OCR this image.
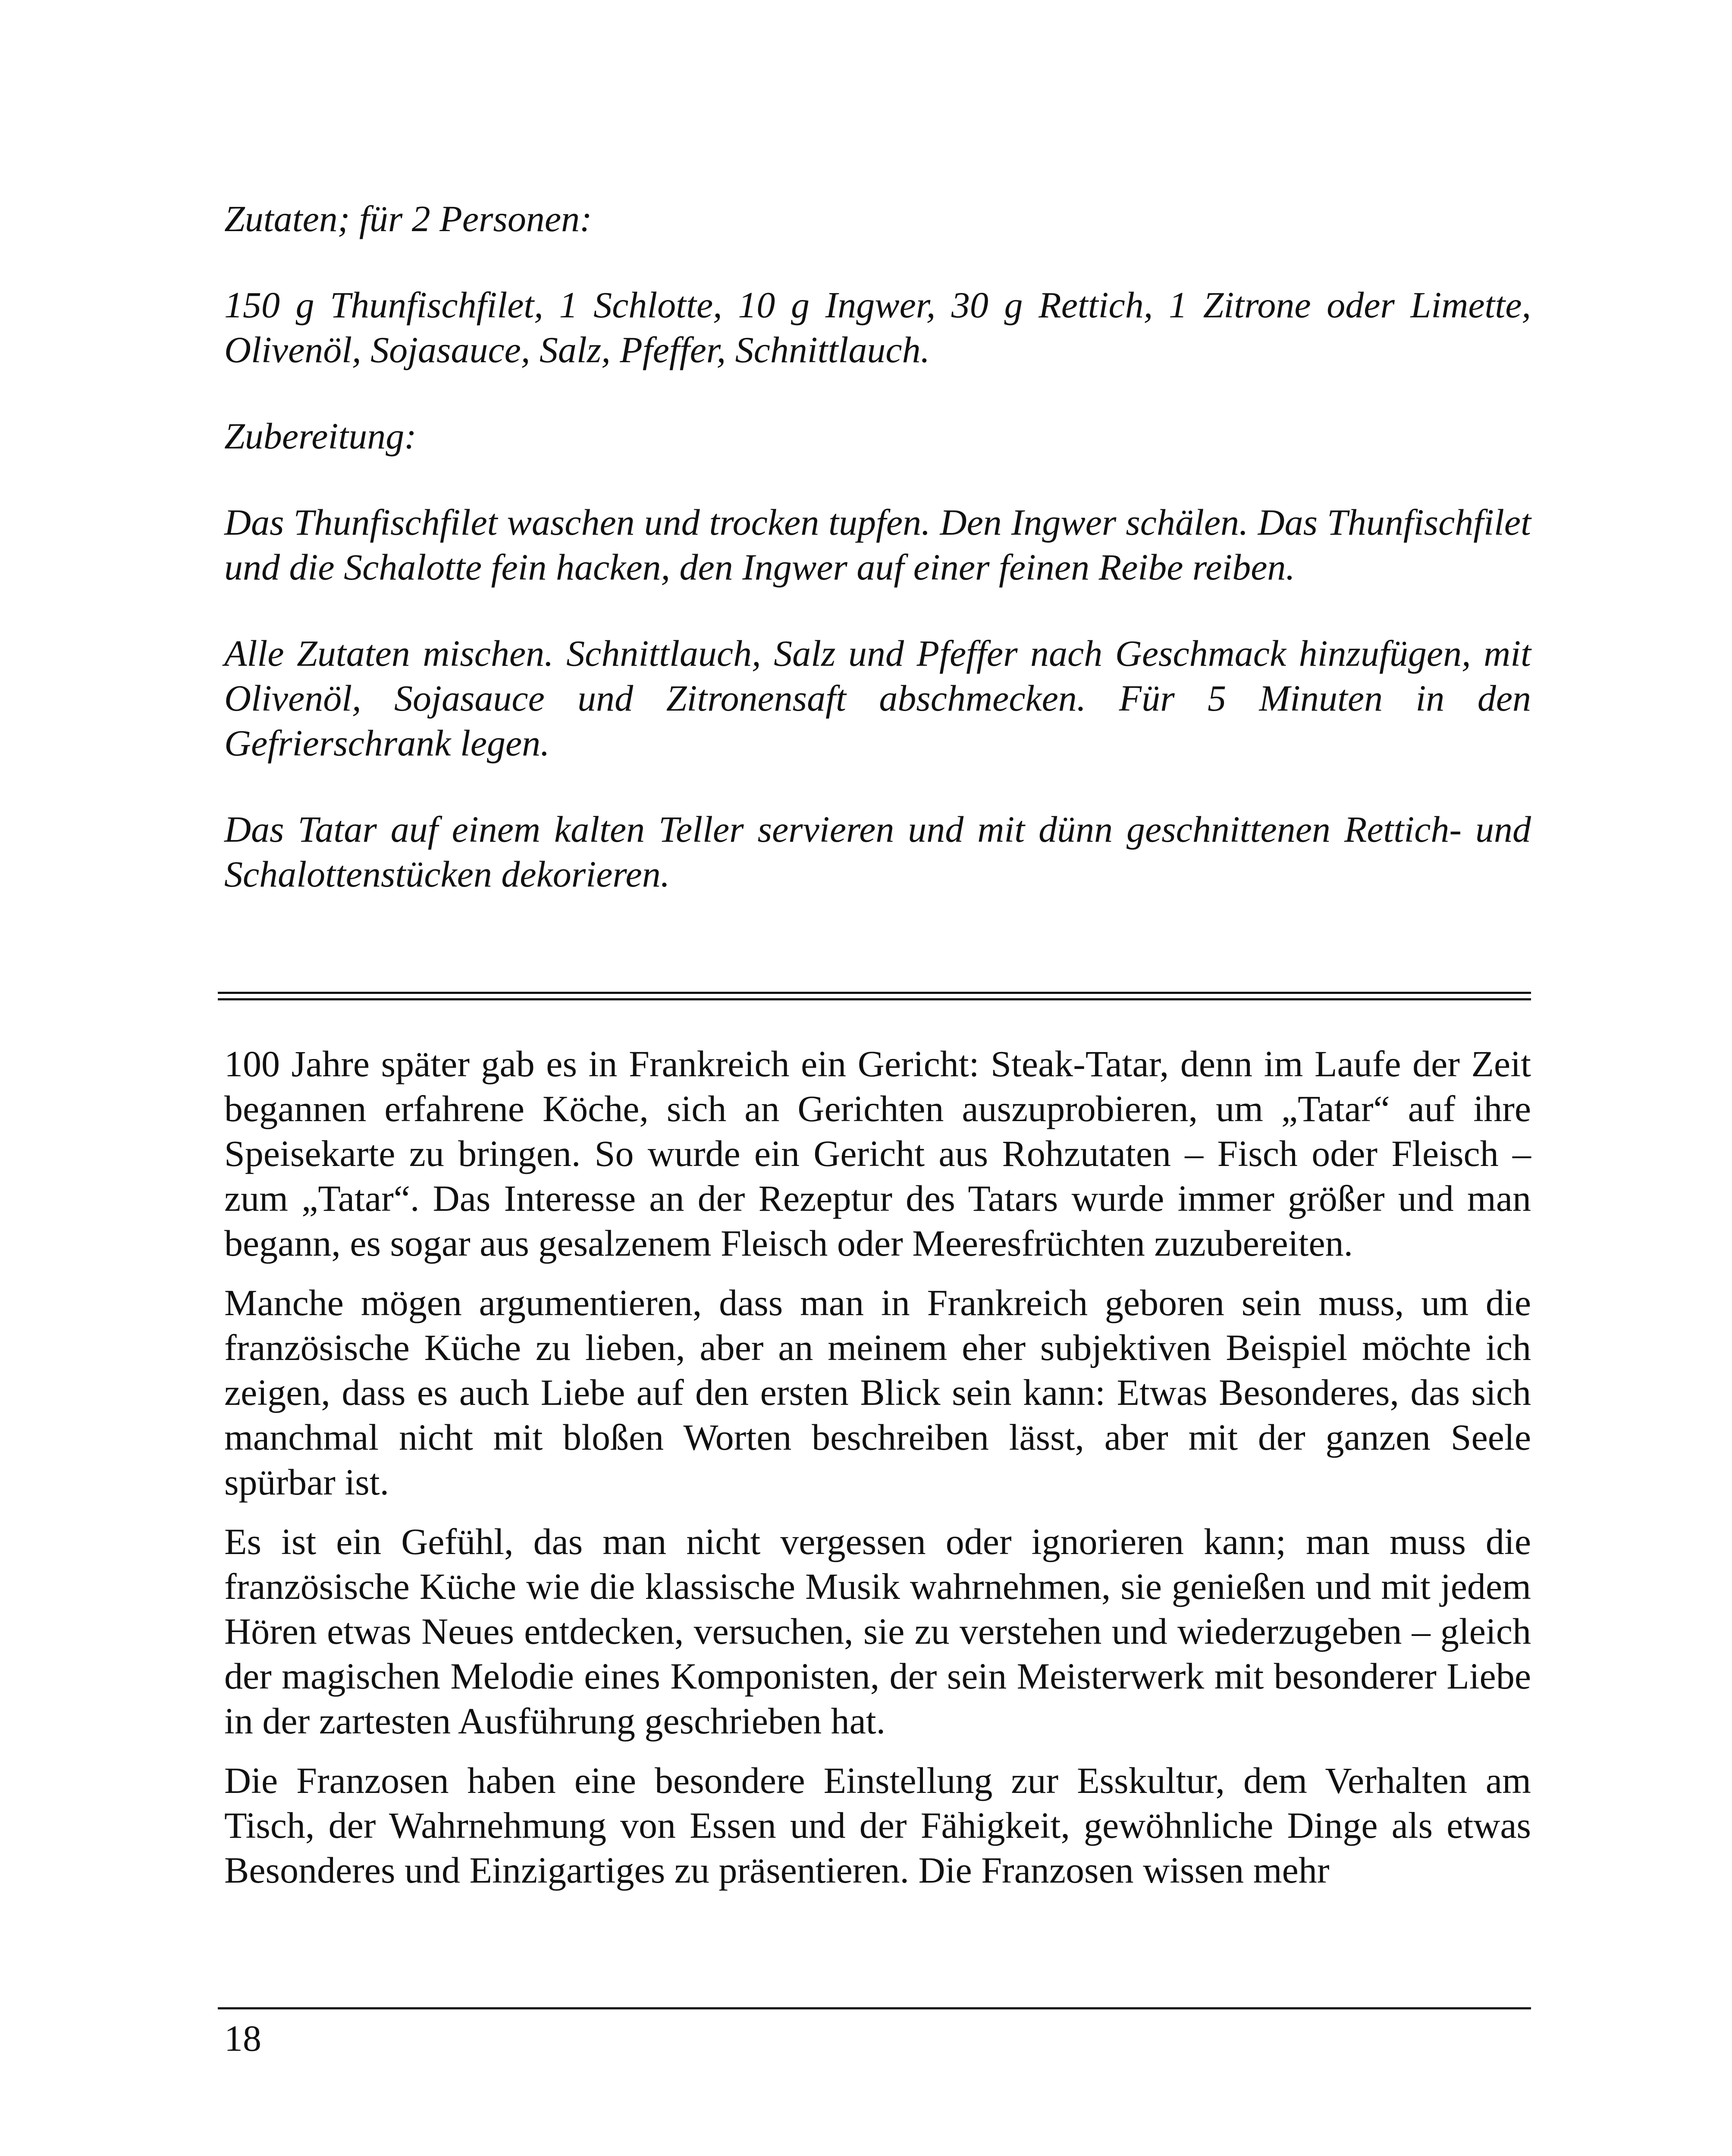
Zutaten; für 2 Personen:

150 g Thunfischfilet, 1 Schlotte, 10 g Ingwer, 30 g Rettich, 1 Zitrone oder Limette, Olivenöl, Sojasauce, Salz, Pfeffer, Schnittlauch.

Zubereitung:

Das Thunfischfilet waschen und trocken tupfen. Den Ingwer schälen. Das Thunfischfilet und die Schalotte fein hacken, den Ingwer auf einer feinen Reibe reiben.

Alle Zutaten mischen. Schnittlauch, Salz und Pfeffer nach Geschmack hinzufügen, mit Olivenöl, Sojasauce und Zitronensaft abschmecken. Für 5 Minuten in den Gefrierschrank legen.

Das Tatar auf einem kalten Teller servieren und mit dünn geschnittenen Rettich- und Schalottenstücken dekorieren.

100 Jahre später gab es in Frankreich ein Gericht: Steak-Tatar, denn im Laufe der Zeit begannen erfahrene Köche, sich an Gerichten auszuprobieren, um „Tatar“ auf ihre Speisekarte zu bringen. So wurde ein Gericht aus Rohzutaten – Fisch oder Fleisch – zum „Tatar“. Das Interesse an der Rezeptur des Tatars wurde immer größer und man begann, es sogar aus gesalzenem Fleisch oder Meeresfrüchten zuzubereiten.

Manche mögen argumentieren, dass man in Frankreich geboren sein muss, um die französische Küche zu lieben, aber an meinem eher subjektiven Beispiel möchte ich zeigen, dass es auch Liebe auf den ersten Blick sein kann: Etwas Besonderes, das sich manchmal nicht mit bloßen Worten beschreiben lässt, aber mit der ganzen Seele spürbar ist.

Es ist ein Gefühl, das man nicht vergessen oder ignorieren kann; man muss die französische Küche wie die klassische Musik wahrnehmen, sie genießen und mit jedem Hören etwas Neues entdecken, versuchen, sie zu verstehen und wiederzugeben – gleich der magischen Melodie eines Komponisten, der sein Meisterwerk mit besonderer Liebe in der zartesten Ausführung geschrieben hat.

Die Franzosen haben eine besondere Einstellung zur Esskultur, dem Verhalten am Tisch, der Wahrnehmung von Essen und der Fähigkeit, gewöhnliche Dinge als etwas Besonderes und Einzigartiges zu präsentieren. Die Franzosen wissen mehr

18
